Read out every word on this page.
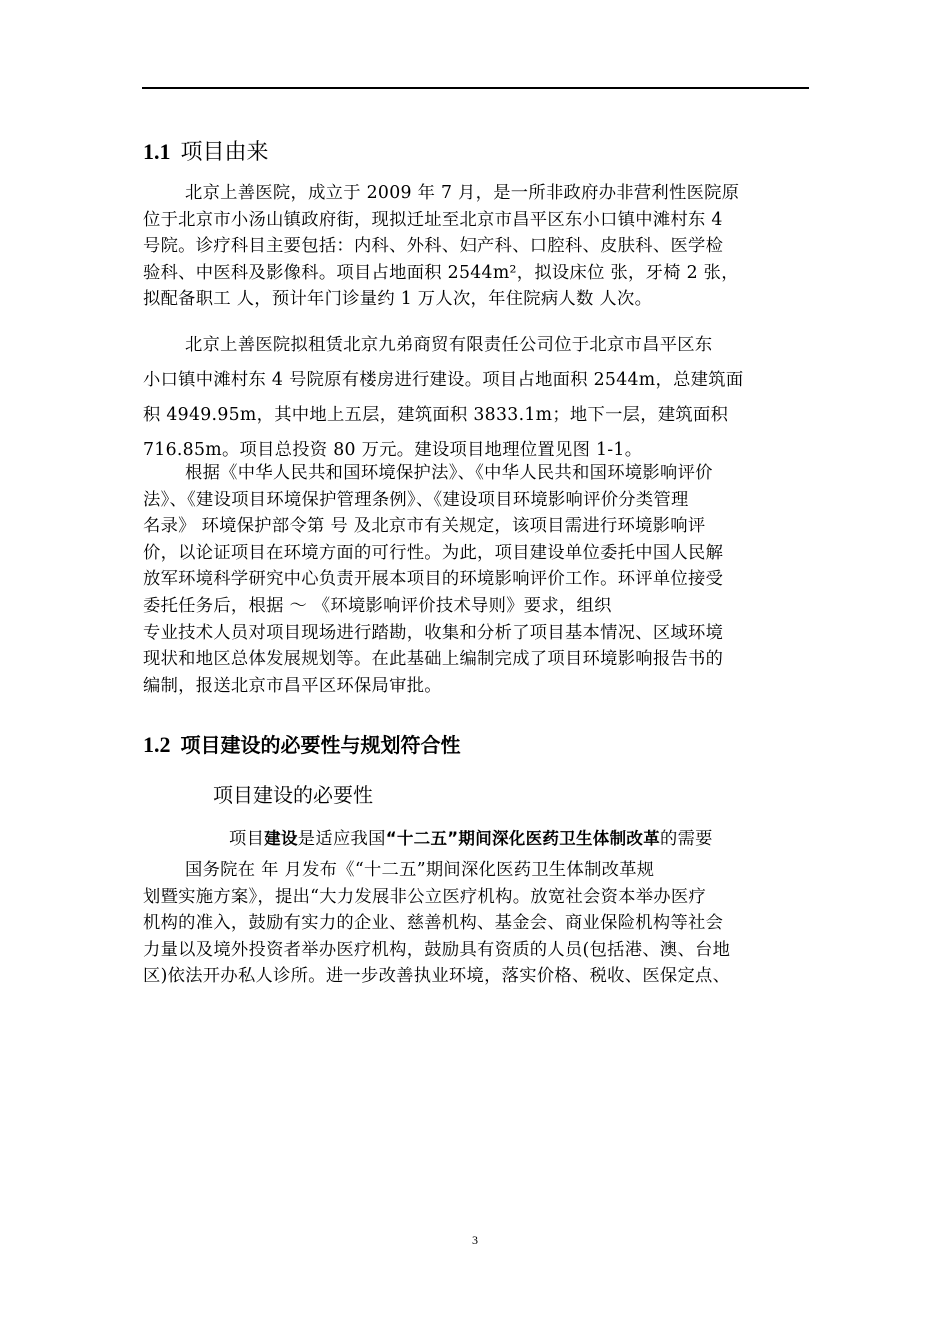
1.1 项目由来
北京上善医院，成立于 2009 年 7 月，是一所非政府办非营利性医院原
位于北京市小汤山镇政府街，现拟迁址至北京市昌平区东小口镇中滩村东 4
号院。诊疗科目主要包括：内科、外科、妇产科、口腔科、皮肤科、医学检
验科、中医科及影像科。项目占地面积 2544m²，拟设床位 张，牙椅 2 张，
拟配备职工 人，预计年门诊量约 1 万人次，年住院病人数 人次。
北京上善医院拟租赁北京九弟商贸有限责任公司位于北京市昌平区东
小口镇中滩村东 4 号院原有楼房进行建设。项目占地面积 2544m，总建筑面
积 4949.95m，其中地上五层，建筑面积 3833.1m；地下一层，建筑面积
716.85m。项目总投资 80 万元。建设项目地理位置见图 1-1。
根据《中华人民共和国环境保护法》、《中华人民共和国环境影响评价
法》、《建设项目环境保护管理条例》、《建设项目环境影响评价分类管理
名录》 环境保护部令第 号 及北京市有关规定，该项目需进行环境影响评
价，以论证项目在环境方面的可行性。为此，项目建设单位委托中国人民解
放军环境科学研究中心负责开展本项目的环境影响评价工作。环评单位接受
委托任务后，根据 ～ 《环境影响评价技术导则》要求，组织
专业技术人员对项目现场进行踏勘，收集和分析了项目基本情况、区域环境
现状和地区总体发展规划等。在此基础上编制完成了项目环境影响报告书的
编制，报送北京市昌平区环保局审批。
1.2 项目建设的必要性与规划符合性
项目建设的必要性
项目建设是适应我国“十二五”期间深化医药卫生体制改革的需要
国务院在 年 月发布《“十二五”期间深化医药卫生体制改革规
划暨实施方案》，提出“大力发展非公立医疗机构。放宽社会资本举办医疗
机构的准入，鼓励有实力的企业、慈善机构、基金会、商业保险机构等社会
力量以及境外投资者举办医疗机构，鼓励具有资质的人员(包括港、澳、台地
区)依法开办私人诊所。进一步改善执业环境，落实价格、税收、医保定点、
3
